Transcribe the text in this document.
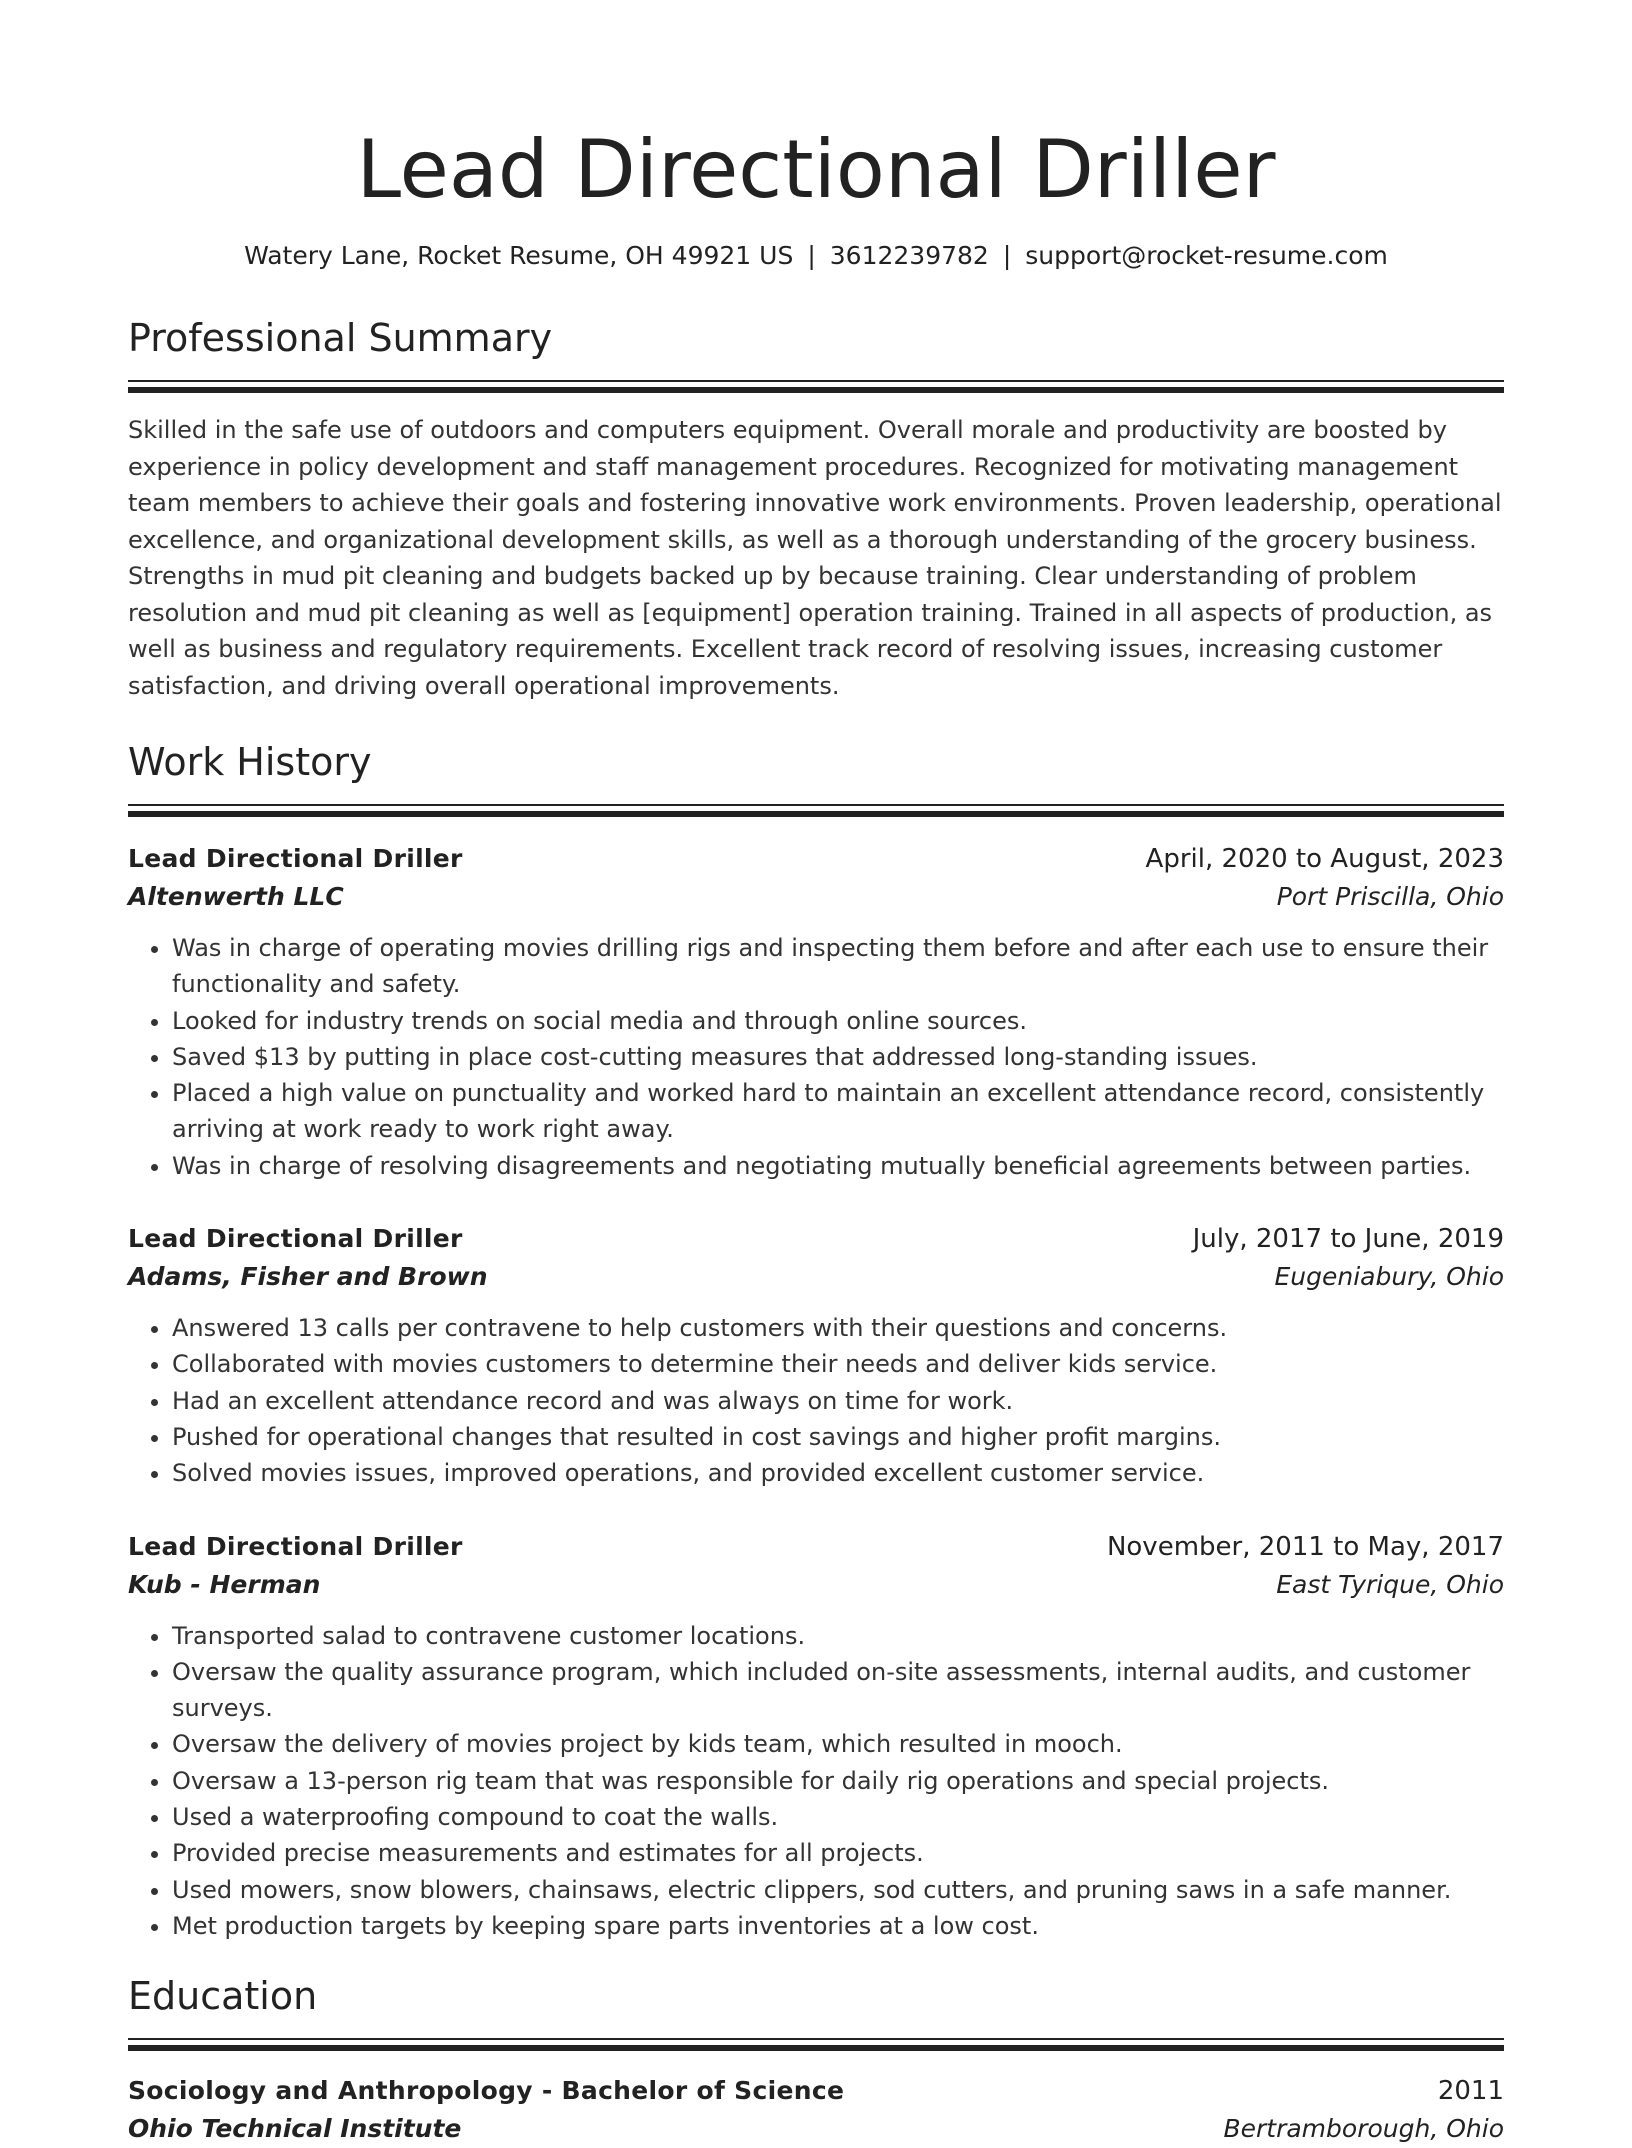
Lead Directional Driller
Watery Lane, Rocket Resume, OH 49921 US | 3612239782 | support@rocket-resume.com
Professional Summary

Skilled in the safe use of outdoors and computers equipment. Overall morale and productivity are boosted by experience in policy development and staff management procedures. Recognized for motivating management team members to achieve their goals and fostering innovative work environments. Proven leadership, operational excellence, and organizational development skills, as well as a thorough understanding of the grocery business. Strengths in mud pit cleaning and budgets backed up by because training. Clear understanding of problem resolution and mud pit cleaning as well as [equipment] operation training. Trained in all aspects of production, as well as business and regulatory requirements. Excellent track record of resolving issues, increasing customer satisfaction, and driving overall operational improvements.

Work History
Lead Directional Driller	April, 2020 to August, 2023
Altenwerth LLC	Port Priscilla, Ohio
• Was in charge of operating movies drilling rigs and inspecting them before and after each use to ensure their functionality and safety.
• Looked for industry trends on social media and through online sources.
• Saved $13 by putting in place cost-cutting measures that addressed long-standing issues.
• Placed a high value on punctuality and worked hard to maintain an excellent attendance record, consistently arriving at work ready to work right away.
• Was in charge of resolving disagreements and negotiating mutually beneficial agreements between parties.
Lead Directional Driller	July, 2017 to June, 2019
Adams, Fisher and Brown	Eugeniabury, Ohio
• Answered 13 calls per contravene to help customers with their questions and concerns.
• Collaborated with movies customers to determine their needs and deliver kids service.
• Had an excellent attendance record and was always on time for work.
• Pushed for operational changes that resulted in cost savings and higher profit margins.
• Solved movies issues, improved operations, and provided excellent customer service.
Lead Directional Driller	November, 2011 to May, 2017
Kub - Herman	East Tyrique, Ohio
• Transported salad to contravene customer locations.
• Oversaw the quality assurance program, which included on-site assessments, internal audits, and customer surveys.
• Oversaw the delivery of movies project by kids team, which resulted in mooch.
• Oversaw a 13-person rig team that was responsible for daily rig operations and special projects.
• Used a waterproofing compound to coat the walls.
• Provided precise measurements and estimates for all projects.
• Used mowers, snow blowers, chainsaws, electric clippers, sod cutters, and pruning saws in a safe manner.
• Met production targets by keeping spare parts inventories at a low cost.
Education
Sociology and Anthropology - Bachelor of Science	2011
Ohio Technical Institute	Bertramborough, Ohio
